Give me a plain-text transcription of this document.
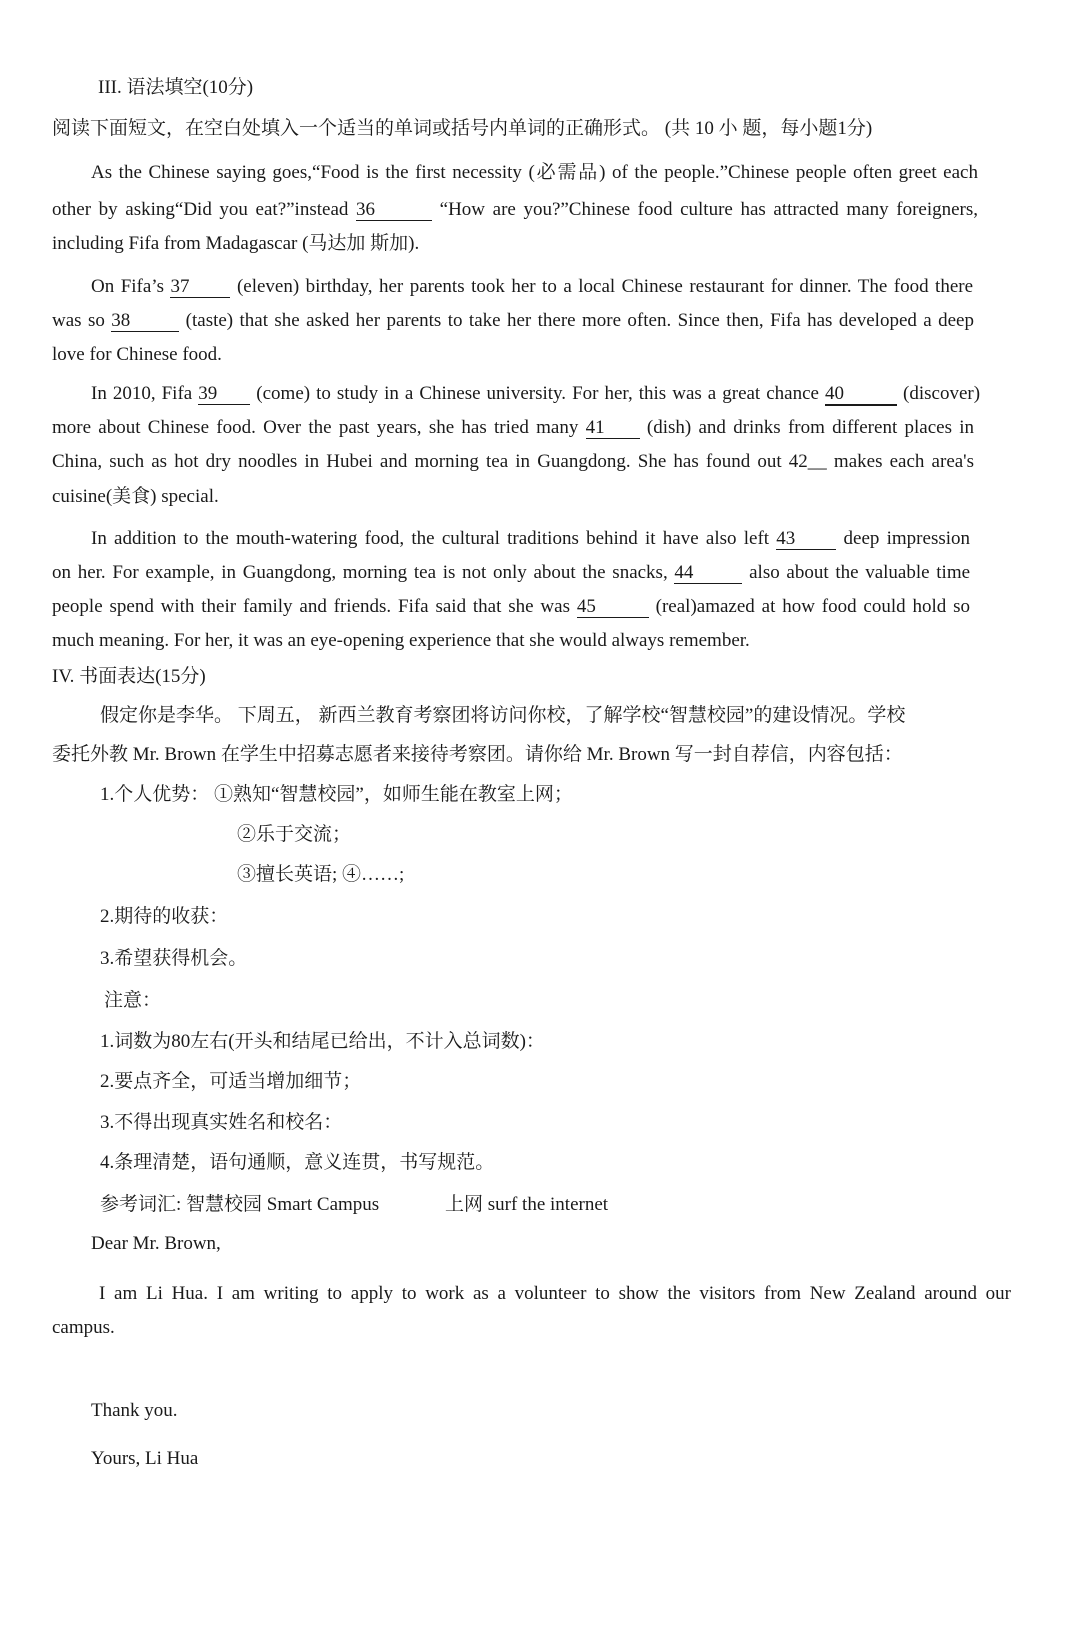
III. 语法填空(10分)
阅读下面短文，在空白处填入一个适当的单词或括号内单词的正确形式。 (共 10 小 题，每小题1分)
As the Chinese saying goes,“Food is the first necessity (必需品) of the people.”Chinese people often greet each
other by asking“Did you eat?”instead 36	“How are you?”Chinese food culture has attracted many foreigners,
including Fifa from Madagascar (马达加 斯加).
On Fifa’s 37 (eleven) birthday, her parents took her to a local Chinese restaurant for dinner. The food there
was so 38	(taste) that she asked her parents to take her there more often. Since then, Fifa has developed a deep
love for Chinese food.
In 2010, Fifa 39 (come) to study in a Chinese university. For her, this was a great chance 40	(discover)
more about Chinese food. Over the past years, she has tried many 41 (dish) and drinks from different places in
China, such as hot dry noodles in Hubei and morning tea in Guangdong. She has found out 42__ makes each area's
cuisine(美食) special.
In addition to the mouth-watering food, the cultural traditions behind it have also left 43	deep impression
on her. For example, in Guangdong, morning tea is not only about the snacks, 44	also about the valuable time
people spend with their family and friends. Fifa said that she was 45	(real)amazed at how food could hold so
much meaning. For her, it was an eye-opening experience that she would always remember.
IV. 书面表达(15分)
假定你是李华。 下周五， 新西兰教育考察团将访问你校，了解学校“智慧校园”的建设情况。学校
委托外教 Mr. Brown 在学生中招募志愿者来接待考察团。请你给 Mr. Brown 写一封自荐信，内容包括：
1.个人优势： ①熟知“智慧校园”，如师生能在教室上网；
②乐于交流；
③擅长英语; ④……;
2.期待的收获：
3.希望获得机会。
注意：
1.词数为80左右(开头和结尾已给出，不计入总词数)：
2.要点齐全，可适当增加细节；
3.不得出现真实姓名和校名：
4.条理清楚，语句通顺，意义连贯，书写规范。
参考词汇: 智慧校园 Smart Campus	上网 surf the internet
Dear Mr. Brown,
I am Li Hua. I am writing to apply to work as a volunteer to show the visitors from New Zealand around our
campus.
Thank you.
Yours, Li Hua
